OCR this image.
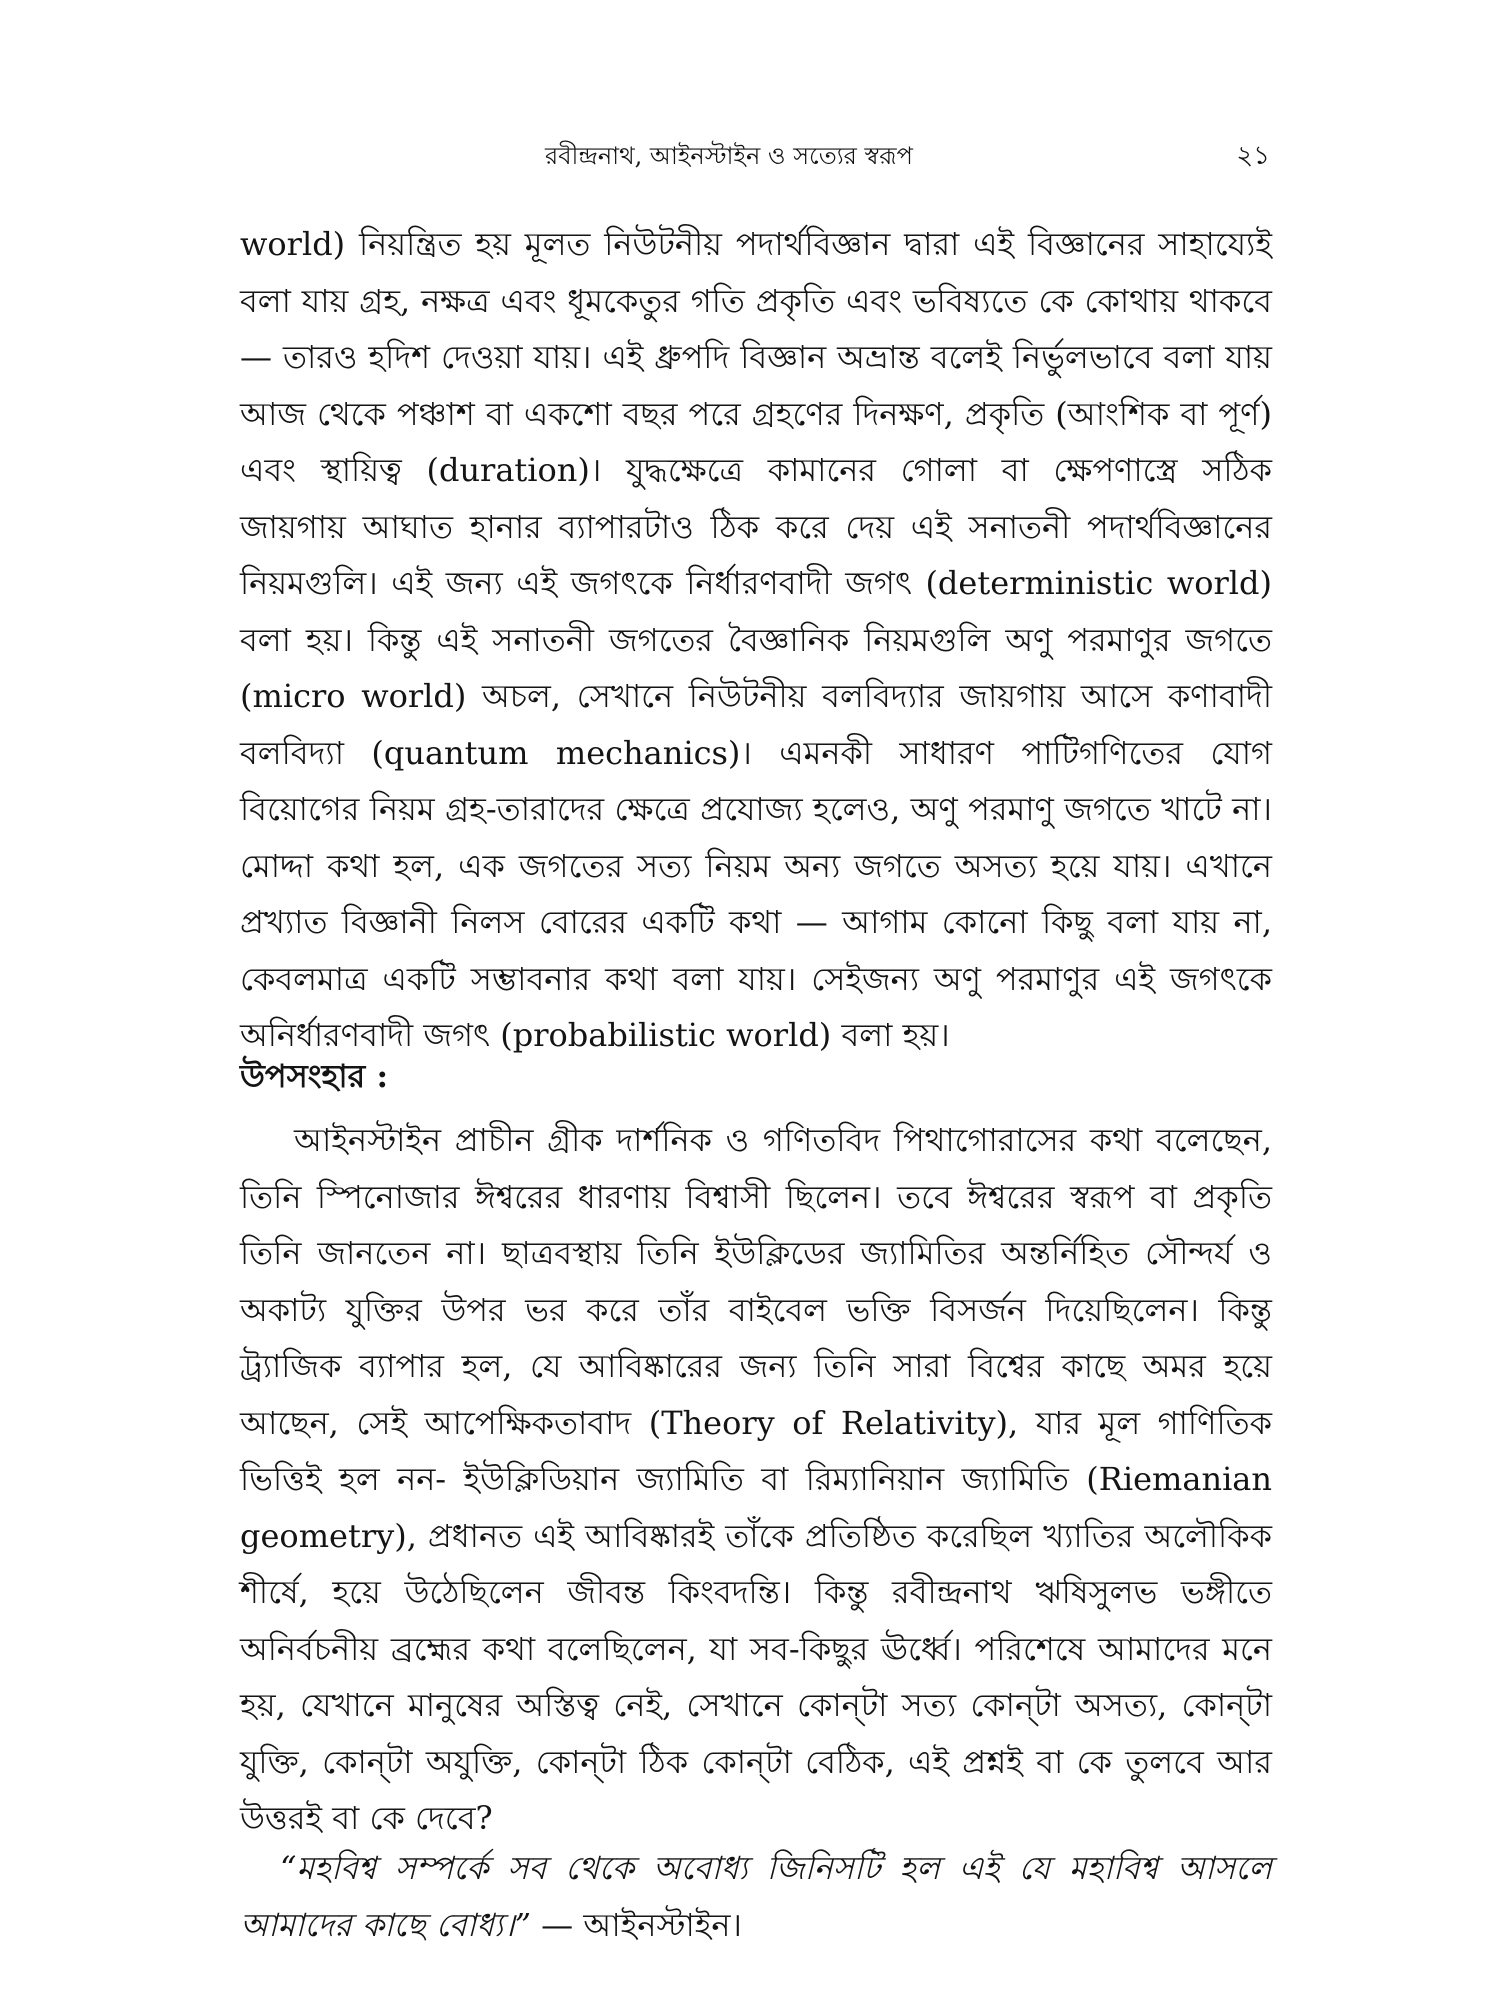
রবীন্দ্রনাথ, আইনস্টাইন ও সত্যের স্বরূপ	২১

world) নিয়ন্ত্রিত হয় মূলত নিউটনীয় পদার্থবিজ্ঞান দ্বারা এই বিজ্ঞানের সাহায্যেই বলা যায় গ্রহ, নক্ষত্র এবং ধূমকেতুর গতি প্রকৃতি এবং ভবিষ্যতে কে কোথায় থাকবে — তারও হদিশ দেওয়া যায়। এই ধ্রুপদি বিজ্ঞান অভ্রান্ত বলেই নির্ভুলভাবে বলা যায় আজ থেকে পঞ্চাশ বা একশো বছর পরে গ্রহণের দিনক্ষণ, প্রকৃতি (আংশিক বা পূর্ণ) এবং স্থায়িত্ব (duration)। যুদ্ধক্ষেত্রে কামানের গোলা বা ক্ষেপণাস্ত্রে সঠিক জায়গায় আঘাত হানার ব্যাপারটাও ঠিক করে দেয় এই সনাতনী পদার্থবিজ্ঞানের নিয়মগুলি। এই জন্য এই জগৎকে নির্ধারণবাদী জগৎ (deterministic world) বলা হয়। কিন্তু এই সনাতনী জগতের বৈজ্ঞানিক নিয়মগুলি অণু পরমাণুর জগতে (micro world) অচল, সেখানে নিউটনীয় বলবিদ্যার জায়গায় আসে কণাবাদী বলবিদ্যা (quantum mechanics)। এমনকী সাধারণ পাটিগণিতের যোগ বিয়োগের নিয়ম গ্রহ-তারাদের ক্ষেত্রে প্রযোজ্য হলেও, অণু পরমাণু জগতে খাটে না। মোদ্দা কথা হল, এক জগতের সত্য নিয়ম অন্য জগতে অসত্য হয়ে যায়। এখানে প্রখ্যাত বিজ্ঞানী নিলস বোরের একটি কথা — আগাম কোনো কিছু বলা যায় না, কেবলমাত্র একটি সম্ভাবনার কথা বলা যায়। সেইজন্য অণু পরমাণুর এই জগৎকে অনির্ধারণবাদী জগৎ (probabilistic world) বলা হয়।

উপসংহার :

আইনস্টাইন প্রাচীন গ্রীক দার্শনিক ও গণিতবিদ পিথাগোরাসের কথা বলেছেন, তিনি স্পিনোজার ঈশ্বরের ধারণায় বিশ্বাসী ছিলেন। তবে ঈশ্বরের স্বরূপ বা প্রকৃতি তিনি জানতেন না। ছাত্রবস্থায় তিনি ইউক্লিডের জ্যামিতির অন্তর্নিহিত সৌন্দর্য ও অকাট্য যুক্তির উপর ভর করে তাঁর বাইবেল ভক্তি বিসর্জন দিয়েছিলেন। কিন্তু ট্র্যাজিক ব্যাপার হল, যে আবিষ্কারের জন্য তিনি সারা বিশ্বের কাছে অমর হয়ে আছেন, সেই আপেক্ষিকতাবাদ (Theory of Relativity), যার মূল গাণিতিক ভিত্তিই হল নন- ইউক্লিডিয়ান জ্যামিতি বা রিম্যানিয়ান জ্যামিতি (Riemanian geometry), প্রধানত এই আবিষ্কারই তাঁকে প্রতিষ্ঠিত করেছিল খ্যাতির অলৌকিক শীর্ষে, হয়ে উঠেছিলেন জীবন্ত কিংবদন্তি। কিন্তু রবীন্দ্রনাথ ঋষিসুলভ ভঙ্গীতে অনির্বচনীয় ব্রহ্মের কথা বলেছিলেন, যা সব-কিছুর ঊর্ধ্বে। পরিশেষে আমাদের মনে হয়, যেখানে মানুষের অস্তিত্ব নেই, সেখানে কোন্‌টা সত্য কোন্‌টা অসত্য, কোন্‌টা যুক্তি, কোন্‌টা অযুক্তি, কোন্‌টা ঠিক কোন্‌টা বেঠিক, এই প্রশ্নই বা কে তুলবে আর উত্তরই বা কে দেবে?

“মহবিশ্ব সম্পর্কে সব থেকে অবোধ্য জিনিসটি হল এই যে মহাবিশ্ব আসলে আমাদের কাছে বোধ্য।” — আইনস্টাইন।
